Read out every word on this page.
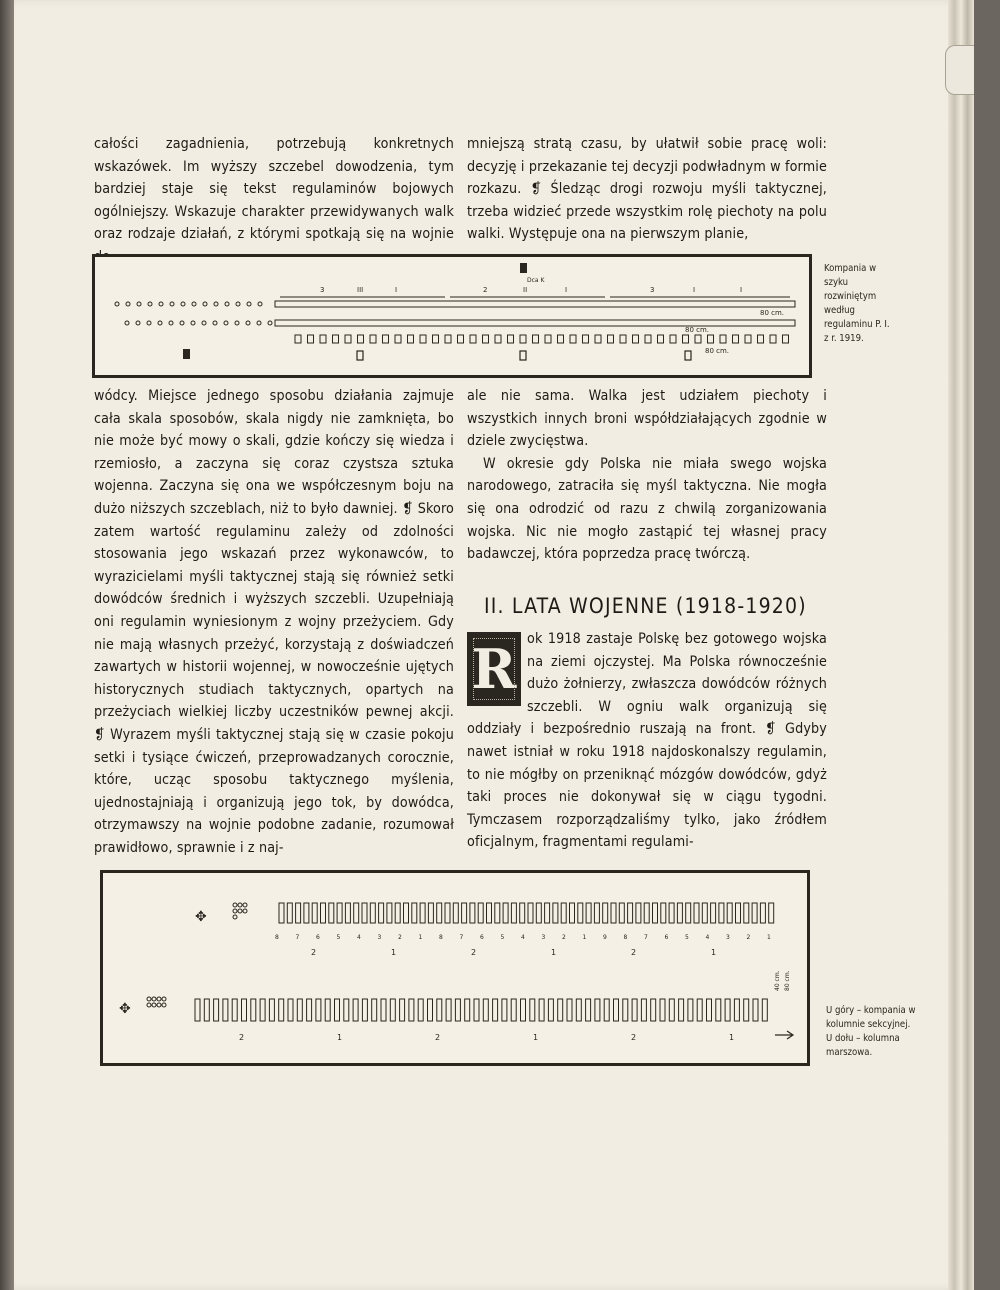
całości zagadnienia, potrzebują konkretnych wskazówek. Im wyższy szczebel dowodzenia, tym bardziej staje się tekst regulaminów bojowych ogólniejszy. Wskazuje charakter przewidywanych walk oraz rodzaje działań, z którymi spotkają się na wojnie

mniejszą stratą czasu, by ułatwił sobie pracę woli: decyzję i przekazanie tej decyzji podwładnym w formie rozkazu. ❡ Śledząc drogi rozwoju myśli taktycznej, trzeba widzieć przede wszystkim rolę piechoty na polu walki. Występuje ona na pierwszym planie,

Dca K
3	III	I	2	II	I	3	I	I
80 cm.
80 cm.
80 cm.
Kompania w szyku rozwiniętym według regulaminu P. I. z r. 1919.

wódcy. Miejsce jednego sposobu działania zajmuje cała skala sposobów, skala nigdy nie zamknięta, bo nie może być mowy o skali, gdzie kończy się wiedza i rzemiosło, a zaczyna się coraz czystsza sztuka wojenna. Zaczyna się ona we współczesnym boju na dużo niższych szczeblach, niż to było dawniej. ❡ Skoro zatem wartość regulaminu zależy od zdolności stosowania jego wskazań przez wykonawców, to wyrazicielami myśli taktycznej stają się również setki dowódców średnich i wyższych szczebli. Uzupełniają oni regulamin wyniesionym z wojny przeżyciem. Gdy nie mają własnych przeżyć, korzystają z doświadczeń zawartych w historii wojennej, w nowocześnie ujętych historycznych studiach taktycznych, opartych na przeżyciach wielkiej liczby uczestników pewnej akcji. ❡ Wyrazem myśli taktycznej stają się w czasie pokoju setki i tysiące ćwiczeń, przeprowadzanych corocznie, które, ucząc sposobu taktycznego myślenia, ujednostajniają i organizują jego tok, by dowódca, otrzymawszy na wojnie podobne zadanie, rozumował prawidłowo, sprawnie i z naj-

ale nie sama. Walka jest udziałem piechoty i wszystkich innych broni współdziałających zgodnie w dziele zwycięstwa.

W okresie gdy Polska nie miała swego wojska narodowego, zatraciła się myśl taktyczna. Nie mogła się ona odrodzić od razu z chwilą zorganizowania wojska. Nic nie mogło zastąpić tej własnej pracy badawczej, która poprzedza pracę twórczą.

II. LATA WOJENNE (1918-1920)
R ok 1918 zastaje Polskę bez gotowego wojska na ziemi ojczystej. Ma Polska równocześnie dużo żołnierzy, zwłaszcza dowódców różnych szczebli. W ogniu walk organizują się oddziały i bezpośrednio ruszają na front. ❡ Gdyby nawet istniał w roku 1918 najdoskonalszy regulamin, to nie mógłby on przeniknąć mózgów dowódców, gdyż taki proces nie dokonywał się w ciągu tygodni. Tymczasem rozporządzaliśmy tylko, jako źródłem oficjalnym, fragmentami regulami-

✥
8	7	6	5	4	3	2	1	8	7	6	5	4	3	2	1	9	8	7	6	5	4	3	2	1
2	1	2	1	2	1
✥
2	1	2	1	2	1
40 cm. 80 cm.
U góry – kompania w kolumnie sekcyjnej. U dołu – kolumna marszowa.
